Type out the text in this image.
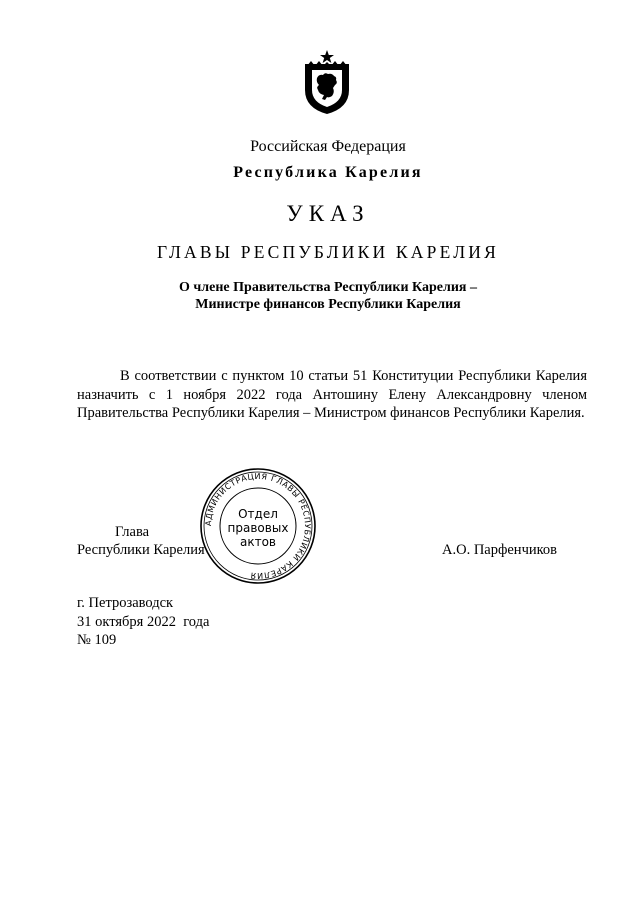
Российская Федерация
Республика Карелия
УКАЗ
ГЛАВЫ РЕСПУБЛИКИ КАРЕЛИЯ
О члене Правительства Республики Карелия –
Министре финансов Республики Карелия
В соответствии с пунктом 10 статьи 51 Конституции Республики Карелия назначить с 1 ноября 2022 года Антошину Елену Александровну членом Правительства Республики Карелия – Министром финансов Республики Карелия.
Глава
Республики Карелия	А.О. Парфенчиков
АДМИНИСТРАЦИЯ ГЛАВЫ РЕСПУБЛИКИ КАРЕЛИЯ
Отдел
правовых
актов
г. Петрозаводск
31 октября 2022  года
№ 109
